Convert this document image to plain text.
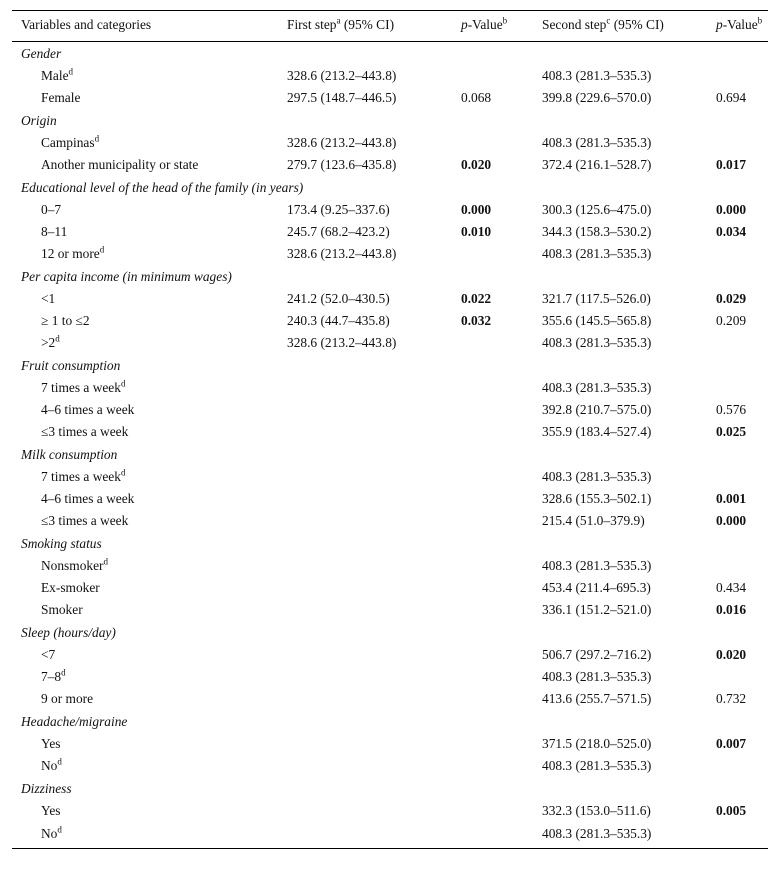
Variables and categories	First step$^a$ (95% CI)	p-Value$^b$	Second step$^c$ (95% CI)	p-Value$^b$
Gender				
Male$^d$	328.6 (213.2–443.8)		408.3 (281.3–535.3)	
Female	297.5 (148.7–446.5)	0.068	399.8 (229.6–570.0)	0.694
Origin				
Campinas$^d$	328.6 (213.2–443.8)		408.3 (281.3–535.3)	
Another municipality or state	279.7 (123.6–435.8)	0.020	372.4 (216.1–528.7)	0.017
Educational level of the head of the family (in years)				
0–7	173.4 (9.25–337.6)	0.000	300.3 (125.6–475.0)	0.000
8–11	245.7 (68.2–423.2)	0.010	344.3 (158.3–530.2)	0.034
12 or more$^d$	328.6 (213.2–443.8)		408.3 (281.3–535.3)	
Per capita income (in minimum wages)				
<1	241.2 (52.0–430.5)	0.022	321.7 (117.5–526.0)	0.029
≥ 1 to ≤2	240.3 (44.7–435.8)	0.032	355.6 (145.5–565.8)	0.209
$>2^d$	328.6 (213.2–443.8)		408.3 (281.3–535.3)	
Fruit consumption				
7 times a week$^d$			408.3 (281.3–535.3)	
4–6 times a week			392.8 (210.7–575.0)	0.576
≤3 times a week			355.9 (183.4–527.4)	0.025
Milk consumption				
7 times a week$^d$			408.3 (281.3–535.3)	
4–6 times a week			328.6 (155.3–502.1)	0.001
≤3 times a week			215.4 (51.0–379.9)	0.000
Smoking status				
Nonsmoker$^d$			408.3 (281.3–535.3)	
Ex-smoker			453.4 (211.4–695.3)	0.434
Smoker			336.1 (151.2–521.0)	0.016
Sleep (hours/day)				
<7			506.7 (297.2–716.2)	0.020
7–8$^d$			408.3 (281.3–535.3)	
9 or more			413.6 (255.7–571.5)	0.732
Headache/migraine				
Yes			371.5 (218.0–525.0)	0.007
No$^d$			408.3 (281.3–535.3)	
Dizziness				
Yes			332.3 (153.0–511.6)	0.005
No$^d$			408.3 (281.3–535.3)	
